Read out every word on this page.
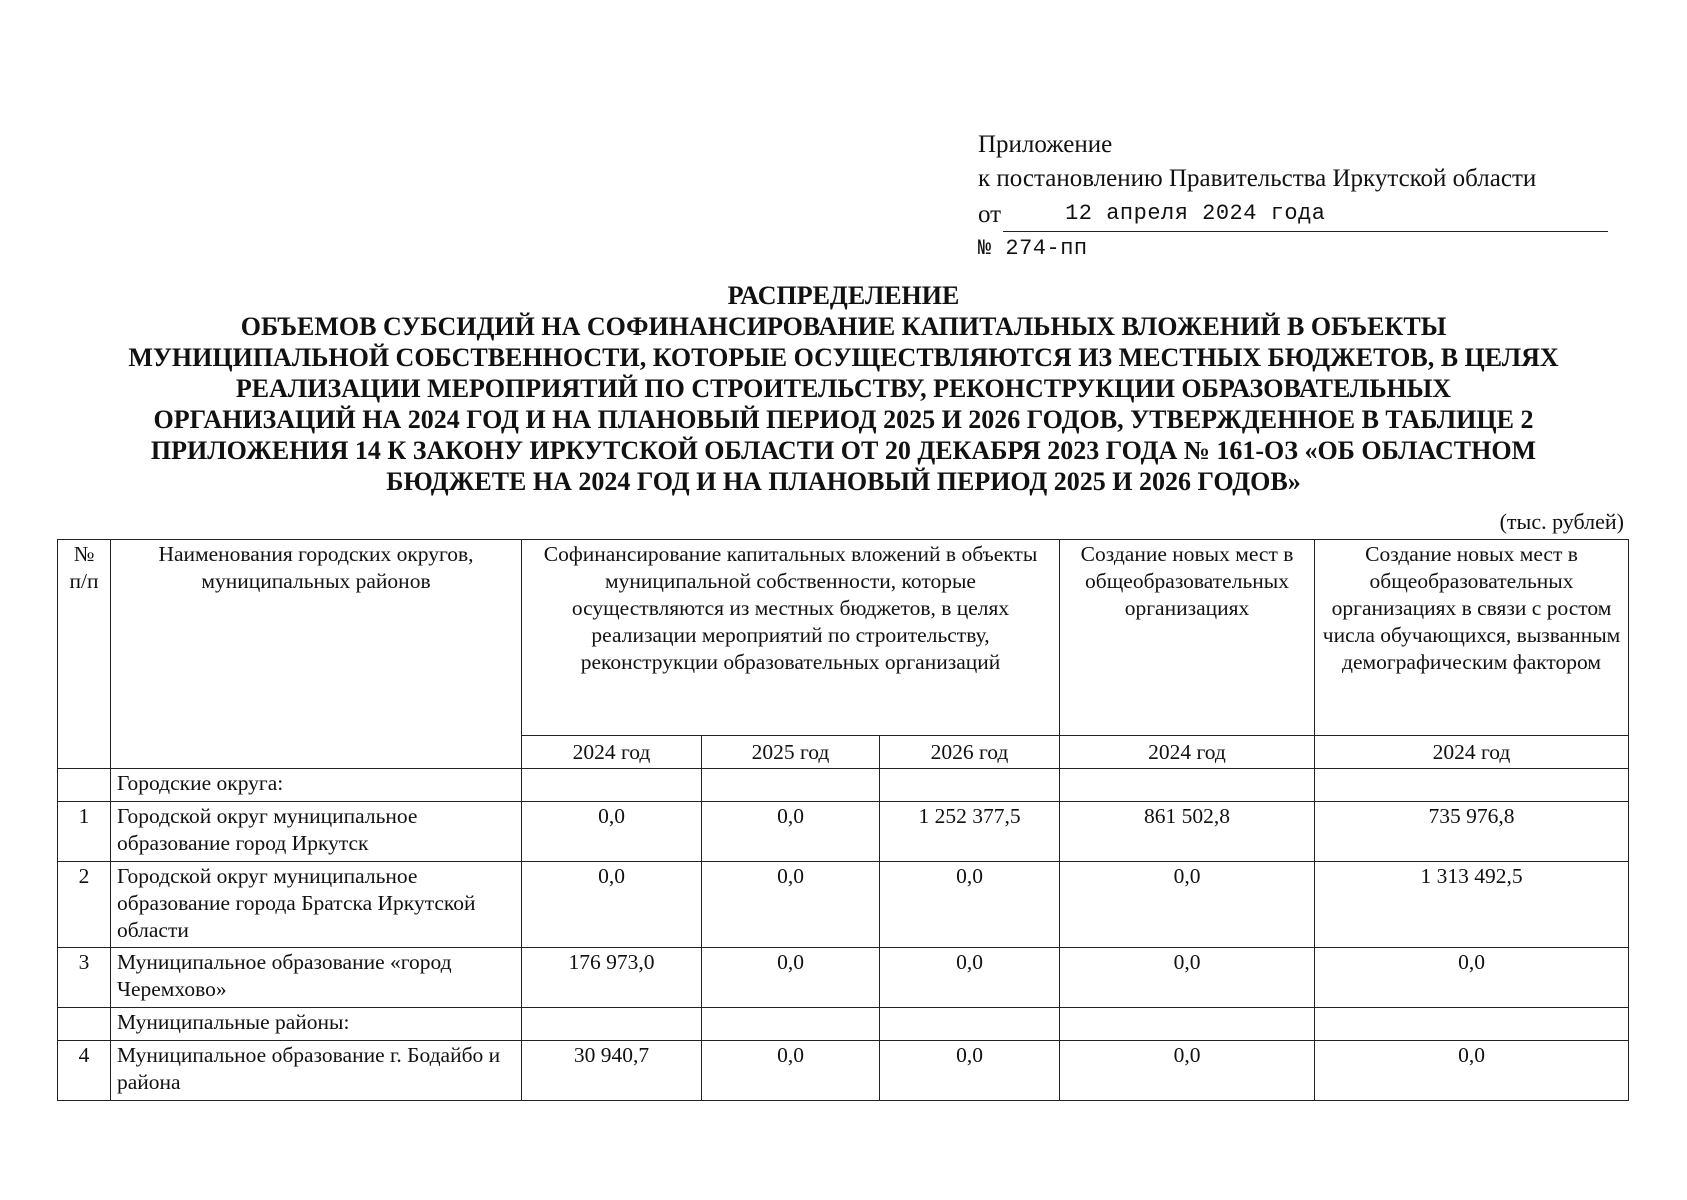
Приложение
к постановлению Правительства Иркутской области
от	12 апреля 2024 года
№ 274-пп
РАСПРЕДЕЛЕНИЕ
ОБЪЕМОВ СУБСИДИЙ НА СОФИНАНСИРОВАНИЕ КАПИТАЛЬНЫХ ВЛОЖЕНИЙ В ОБЪЕКТЫ
МУНИЦИПАЛЬНОЙ СОБСТВЕННОСТИ, КОТОРЫЕ ОСУЩЕСТВЛЯЮТСЯ ИЗ МЕСТНЫХ БЮДЖЕТОВ, В ЦЕЛЯХ
РЕАЛИЗАЦИИ МЕРОПРИЯТИЙ ПО СТРОИТЕЛЬСТВУ, РЕКОНСТРУКЦИИ ОБРАЗОВАТЕЛЬНЫХ
ОРГАНИЗАЦИЙ НА 2024 ГОД И НА ПЛАНОВЫЙ ПЕРИОД 2025 И 2026 ГОДОВ, УТВЕРЖДЕННОЕ В ТАБЛИЦЕ 2
ПРИЛОЖЕНИЯ 14 К ЗАКОНУ ИРКУТСКОЙ ОБЛАСТИ ОТ 20 ДЕКАБРЯ 2023 ГОДА № 161-ОЗ «ОБ ОБЛАСТНОМ
БЮДЖЕТЕ НА 2024 ГОД И НА ПЛАНОВЫЙ ПЕРИОД 2025 И 2026 ГОДОВ»
(тыс. рублей)
№ п/п	Наименования городских округов, муниципальных районов	Софинансирование капитальных вложений в объекты муниципальной собственности, которые осуществляются из местных бюджетов, в целях реализации мероприятий по строительству, реконструкции образовательных организаций			Создание новых мест в общеобразовательных организациях	Создание новых мест в общеобразовательных организациях в связи с ростом числа обучающихся, вызванным демографическим фактором
		2024 год	2025 год	2026 год	2024 год	2024 год
	Городские округа:					
1	Городской округ муниципальное образование город Иркутск	0,0	0,0	1 252 377,5	861 502,8	735 976,8
2	Городской округ муниципальное образование города Братска Иркутской области	0,0	0,0	0,0	0,0	1 313 492,5
3	Муниципальное образование «город Черемхово»	176 973,0	0,0	0,0	0,0	0,0
	Муниципальные районы:					
4	Муниципальное образование г. Бодайбо и района	30 940,7	0,0	0,0	0,0	0,0
